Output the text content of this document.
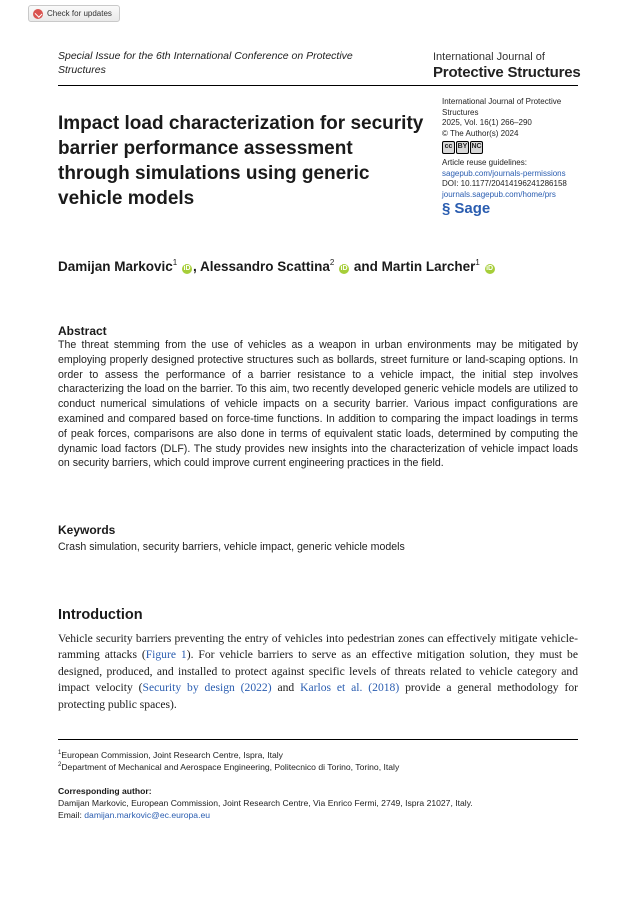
Check for updates
Special Issue for the 6th International Conference on Protective Structures
International Journal of
Protective Structures
Impact load characterization for security barrier performance assessment through simulations using generic vehicle models
International Journal of Protective Structures
2025, Vol. 16(1) 266–290
© The Author(s) 2024
cc BY NC
Article reuse guidelines:
sagepub.com/journals-permissions
DOI: 10.1177/20414196241286158
journals.sagepub.com/home/prs
§ Sage
Damijan Markovic$^1$ iD , Alessandro Scattina$^2$ iD and Martin Larcher$^1$ iD
Abstract
The threat stemming from the use of vehicles as a weapon in urban environments may be mitigated by employing properly designed protective structures such as bollards, street furniture or land-scaping options. In order to assess the performance of a barrier resistance to a vehicle impact, the initial step involves characterizing the load on the barrier. To this aim, two recently developed generic vehicle models are utilized to conduct numerical simulations of vehicle impacts on a security barrier. Various impact configurations are examined and compared based on force-time functions. In addition to comparing the impact loadings in terms of peak forces, comparisons are also done in terms of equivalent static loads, determined by computing the dynamic load factors (DLF). The study provides new insights into the characterization of vehicle impact loads on security barriers, which could improve current engineering practices in the field.
Keywords
Crash simulation, security barriers, vehicle impact, generic vehicle models
Introduction
Vehicle security barriers preventing the entry of vehicles into pedestrian zones can effectively mitigate vehicle-ramming attacks (Figure 1). For vehicle barriers to serve as an effective mitigation solution, they must be designed, produced, and installed to protect against specific levels of threats related to vehicle category and impact velocity (Security by design (2022) and Karlos et al. (2018) provide a general methodology for protecting public spaces).
$^1$European Commission, Joint Research Centre, Ispra, Italy
$^2$Department of Mechanical and Aerospace Engineering, Politecnico di Torino, Torino, Italy
Corresponding author:
Damijan Markovic, European Commission, Joint Research Centre, Via Enrico Fermi, 2749, Ispra 21027, Italy.
Email: damijan.markovic@ec.europa.eu
